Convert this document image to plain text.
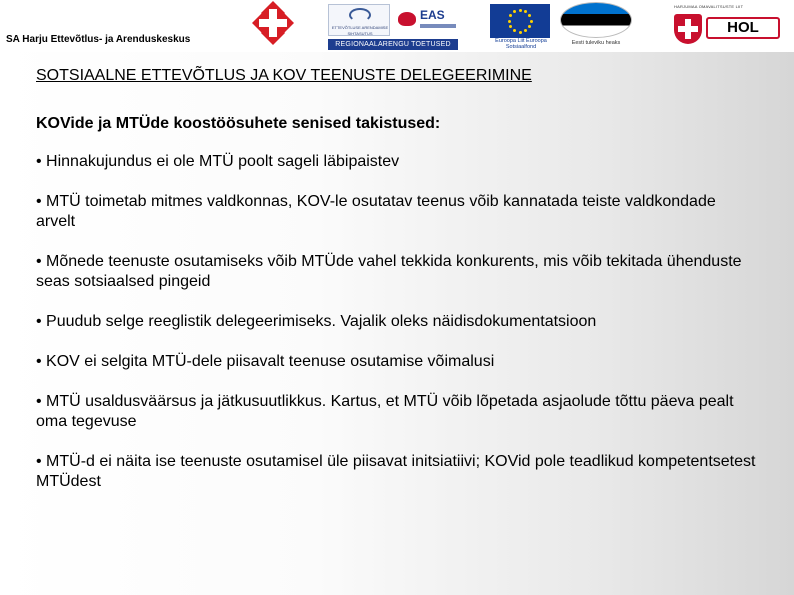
SA Harju Ettevõtlus- ja Arenduskeskus
ETTEVÕTLUSE ARENDAMISE SIHTASUTUS
EAS
REGIONAALARENGU TOETUSED	Euroopa Liit Euroopa Sotsiaalfond
Eesti tuleviku heaks
HARJUMAA OMAVALITSUSTE LIIT
HOL
SOTSIAALNE ETTEVÕTLUS JA KOV TEENUSTE DELEGEERIMINE
KOVide ja MTÜde koostöösuhete senised takistused:
• Hinnakujundus ei ole MTÜ poolt sageli läbipaistev
• MTÜ toimetab mitmes valdkonnas, KOV-le osutatav teenus võib kannatada teiste valdkondade arvelt
• Mõnede teenuste osutamiseks võib MTÜde vahel tekkida konkurents, mis võib tekitada ühenduste seas sotsiaalsed pingeid
• Puudub selge reeglistik delegeerimiseks. Vajalik oleks näidisdokumentatsioon
• KOV ei selgita MTÜ-dele piisavalt teenuse osutamise võimalusi
• MTÜ usaldusväärsus ja jätkusuutlikkus. Kartus, et MTÜ võib lõpetada asjaolude tõttu päeva pealt oma tegevuse
• MTÜ-d ei näita ise teenuste osutamisel üle piisavat initsiatiivi; KOVid pole teadlikud kompetentsetest MTÜdest
